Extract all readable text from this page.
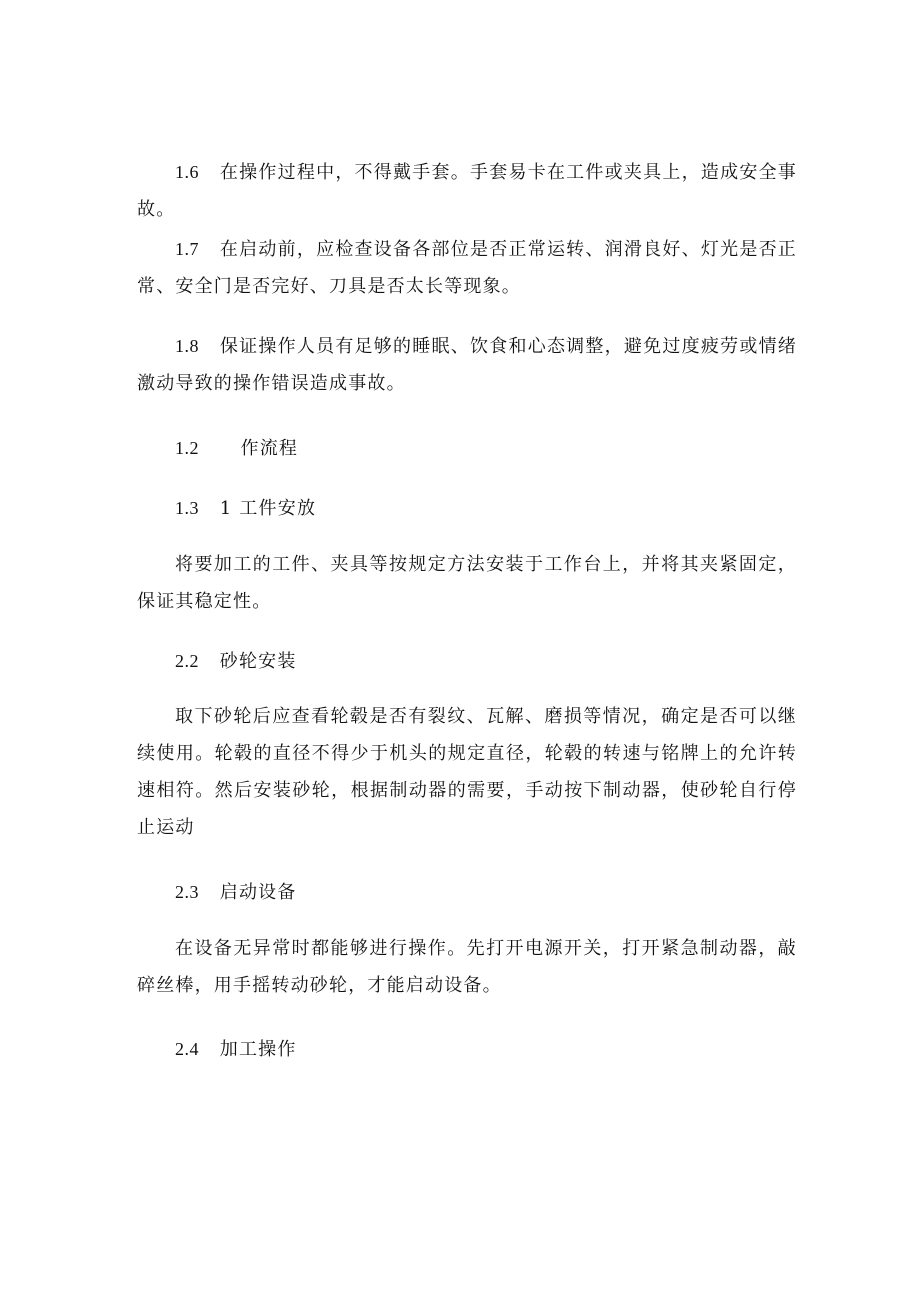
1.6 在操作过程中，不得戴手套。手套易卡在工件或夹具上，造成安全事故。
1.7 在启动前，应检查设备各部位是否正常运转、润滑良好、灯光是否正常、安全门是否完好、刀具是否太长等现象。
1.8 保证操作人员有足够的睡眠、饮食和心态调整，避免过度疲劳或情绪激动导致的操作错误造成事故。
1.2 作流程
1.3 1 工件安放
将要加工的工件、夹具等按规定方法安装于工作台上，并将其夹紧固定，保证其稳定性。
2.2 砂轮安装
取下砂轮后应查看轮毂是否有裂纹、瓦解、磨损等情况，确定是否可以继续使用。轮毂的直径不得少于机头的规定直径，轮毂的转速与铭牌上的允许转速相符。然后安装砂轮，根据制动器的需要，手动按下制动器，使砂轮自行停止运动
2.3 启动设备
在设备无异常时都能够进行操作。先打开电源开关，打开紧急制动器，敲碎丝棒，用手摇转动砂轮，才能启动设备。
2.4 加工操作
